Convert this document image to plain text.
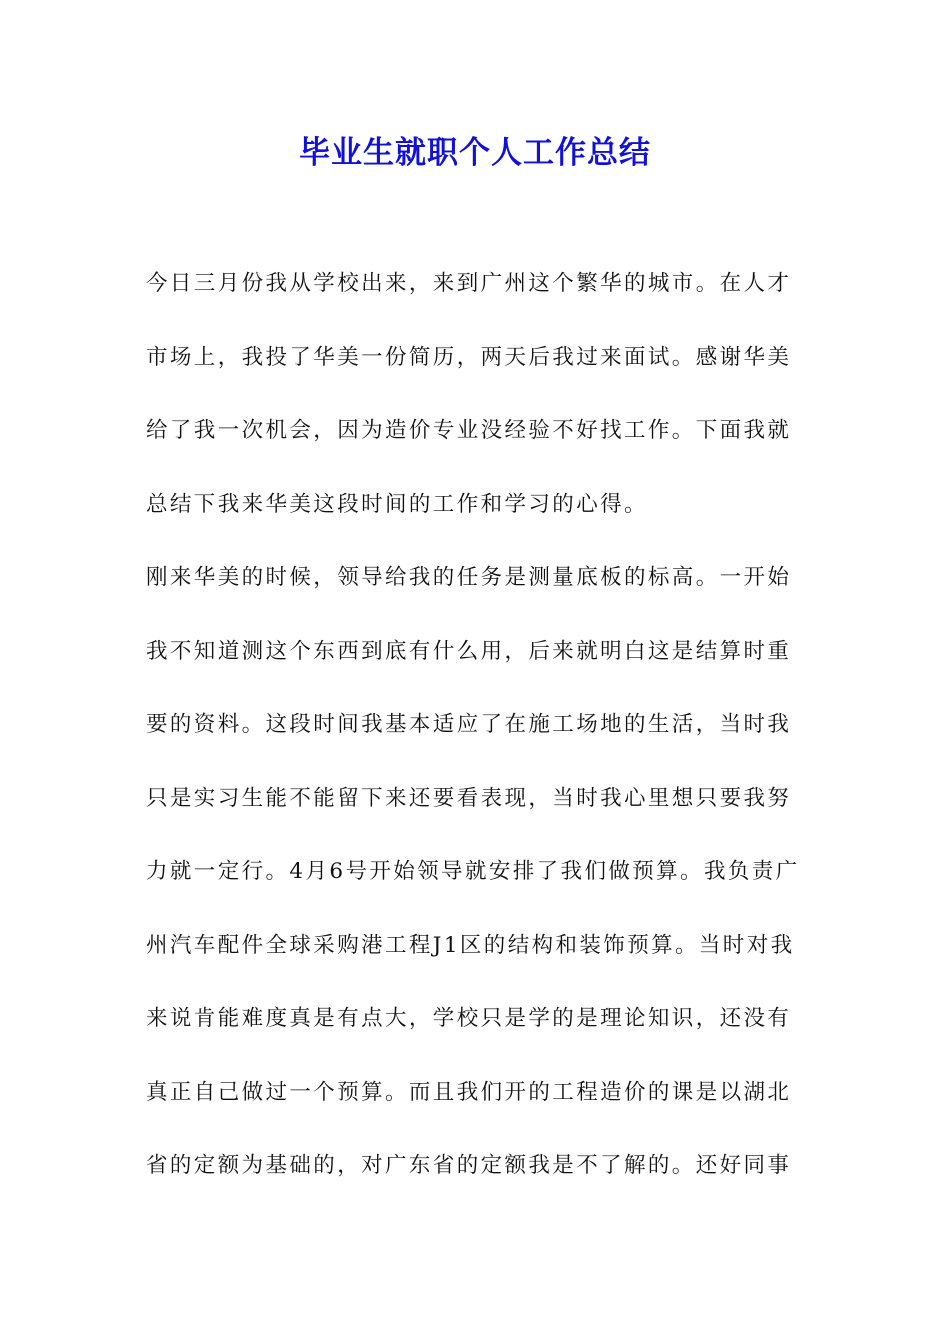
毕业生就职个人工作总结
今日三月份我从学校出来，来到广州这个繁华的城市。在人才
市场上，我投了华美一份简历，两天后我过来面试。感谢华美
给了我一次机会，因为造价专业没经验不好找工作。下面我就
总结下我来华美这段时间的工作和学习的心得。
刚来华美的时候，领导给我的任务是测量底板的标高。一开始
我不知道测这个东西到底有什么用，后来就明白这是结算时重
要的资料。这段时间我基本适应了在施工场地的生活，当时我
只是实习生能不能留下来还要看表现，当时我心里想只要我努
力就一定行。4月6号开始领导就安排了我们做预算。我负责广
州汽车配件全球采购港工程J1区的结构和装饰预算。当时对我
来说肯能难度真是有点大，学校只是学的是理论知识，还没有
真正自己做过一个预算。而且我们开的工程造价的课是以湖北
省的定额为基础的，对广东省的定额我是不了解的。还好同事
